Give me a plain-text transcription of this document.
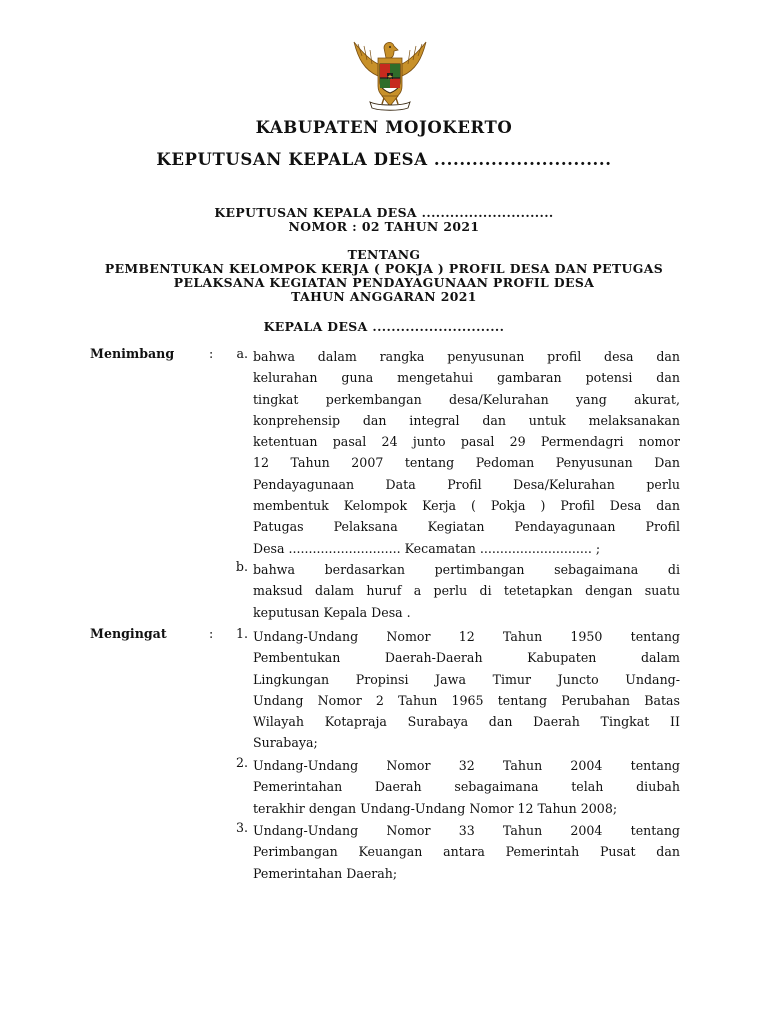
KABUPATEN MOJOKERTO
KEPUTUSAN KEPALA DESA ............................
KEPUTUSAN KEPALA DESA ............................
NOMOR : 02 TAHUN 2021
TENTANG
PEMBENTUKAN KELOMPOK KERJA ( POKJA ) PROFIL DESA DAN PETUGAS
PELAKSANA KEGIATAN PENDAYAGUNAAN PROFIL DESA
TAHUN ANGGARAN 2021
KEPALA DESA ............................
Menimbang	:	a. bahwa dalam rangka penyusunan profil desa dan
kelurahan guna mengetahui gambaran potensi dan
tingkat perkembangan desa/Kelurahan yang akurat,
konprehensip dan integral dan untuk melaksanakan
ketentuan pasal 24 junto pasal 29 Permendagri nomor
12 Tahun 2007 tentang Pedoman Penyusunan Dan
Pendayagunaan Data Profil Desa/Kelurahan perlu
membentuk Kelompok Kerja ( Pokja ) Profil Desa dan
Patugas Pelaksana Kegiatan Pendayagunaan Profil
Desa ............................ Kecamatan ............................ ;
b. bahwa berdasarkan pertimbangan sebagaimana di
maksud dalam huruf a perlu di tetetapkan dengan suatu
keputusan Kepala Desa .
Mengingat	:	1. Undang-Undang Nomor 12 Tahun 1950 tentang
Pembentukan Daerah-Daerah Kabupaten dalam
Lingkungan Propinsi Jawa Timur Juncto Undang-
Undang Nomor 2 Tahun 1965 tentang Perubahan Batas
Wilayah Kotapraja Surabaya dan Daerah Tingkat II
Surabaya;
2. Undang-Undang Nomor 32 Tahun 2004 tentang
Pemerintahan Daerah sebagaimana telah diubah
terakhir dengan Undang-Undang Nomor 12 Tahun 2008;
3. Undang-Undang Nomor 33 Tahun 2004 tentang
Perimbangan Keuangan antara Pemerintah Pusat dan
Pemerintahan Daerah;
